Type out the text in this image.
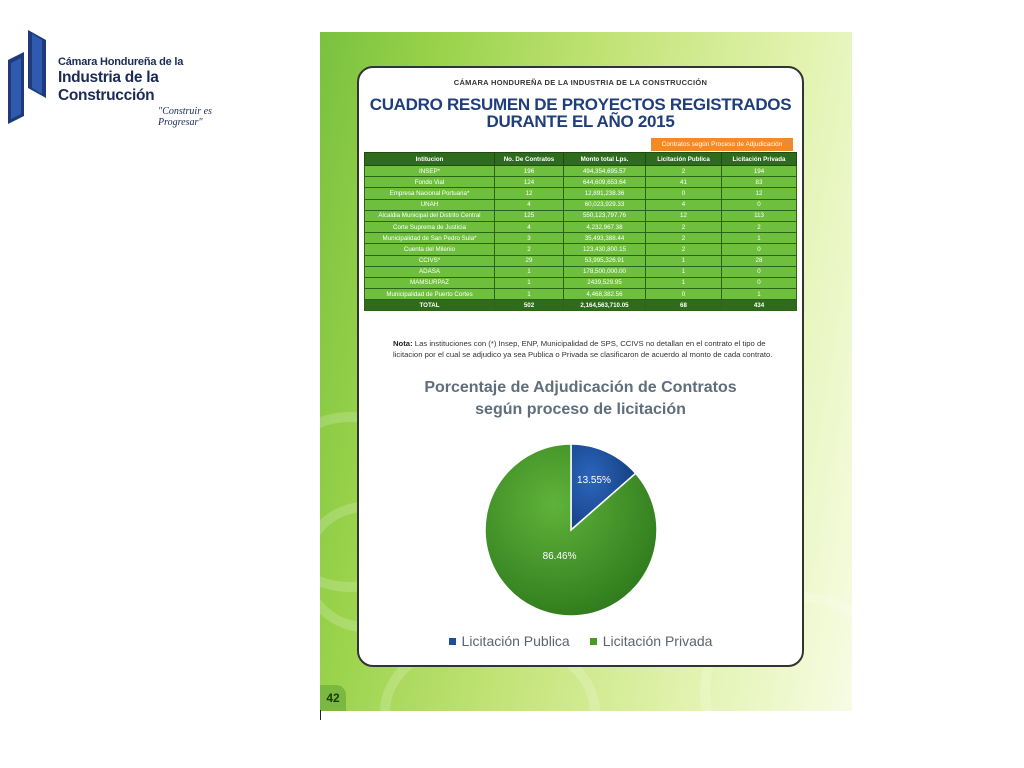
Cámara Hondureña de la
Industria de la Construcción
"Construir es Progresar"
CÁMARA HONDUREÑA DE LA INDUSTRIA DE LA CONSTRUCCIÓN
CUADRO RESUMEN DE PROYECTOS REGISTRADOS
DURANTE EL AÑO 2015
Contratos según Proceso de Adjudicación
Intitucion	No. De Contratos	Monto total Lps.	Licitación Publica	Licitación Privada
INSEP*	196	494,354,695.57	2	194
Fondo Vial	124	644,609,653.64	41	83
Empresa Nacional Portuaria*	12	12,891,238.36	0	12
UNAH	4	60,023,929.33	4	0
Alcaldia Municipal del Distrito Central	125	550,123,797.76	12	113
Corte Suprema de Justicia	4	4,232,967.38	2	2
Municipalidad de San Pedro Sula*	3	35,493,388.44	2	1
Cuenta del Milenio	2	123,430,800.15	2	0
CCIVS*	29	53,995,326.91	1	28
ADASA	1	178,500,000.00	1	0
MAMSURPAZ	1	2439,529.95	1	0
Municipalidad de Puerto Cortes	1	4,468,382.56	0	1
TOTAL	502	2,164,563,710.05	68	434
Nota: Las instituciones con (*) Insep, ENP, Municipalidad de SPS, CCIVS no detallan en el contrato el tipo de licitacion por el cual se adjudico ya sea Publica o Privada se clasificaron de acuerdo al monto de cada contrato.
Porcentaje de Adjudicación de Contratos
según proceso de licitación
13.55%
86.46%
Licitación Publica Licitación Privada
42
